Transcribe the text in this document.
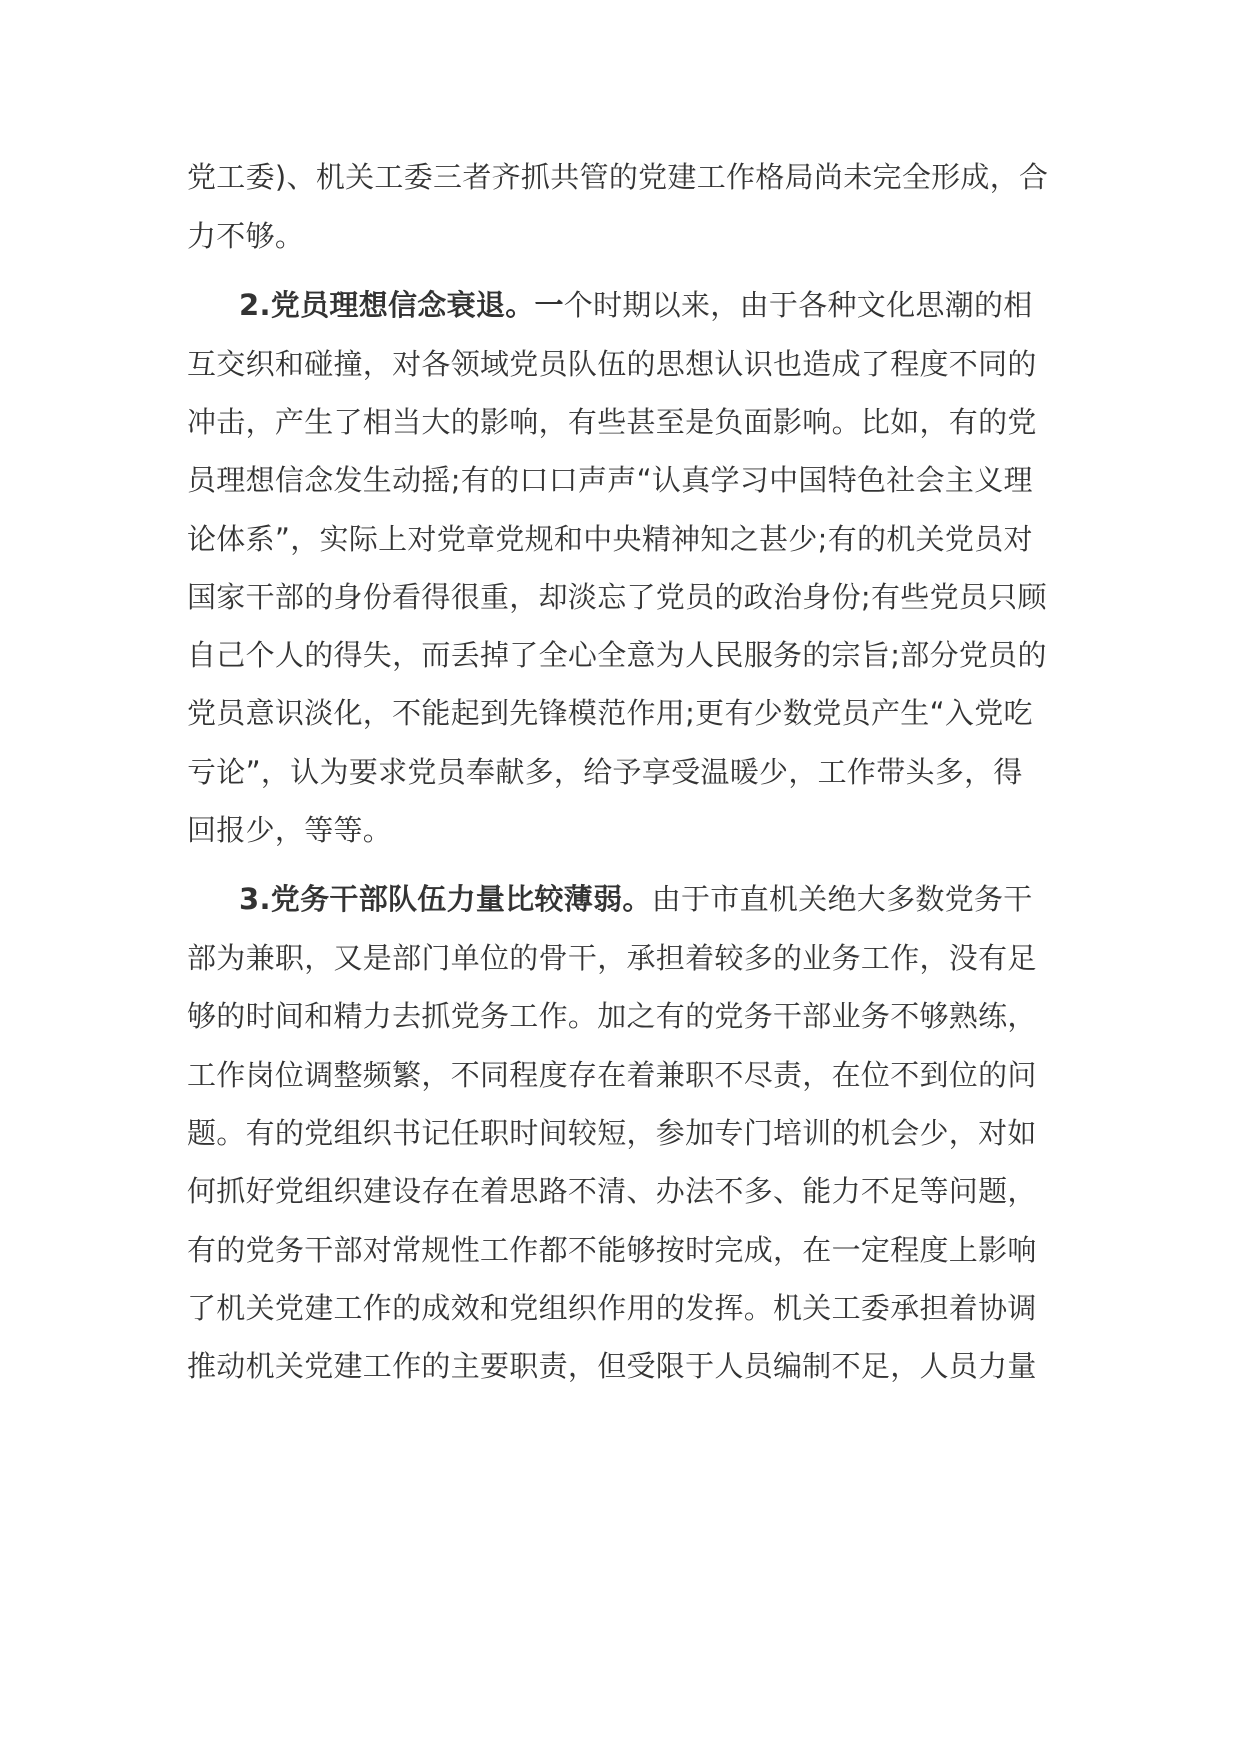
党工委)、机关工委三者齐抓共管的党建工作格局尚未完全形成，合
力不够。
2.党员理想信念衰退。一个时期以来，由于各种文化思潮的相
互交织和碰撞，对各领域党员队伍的思想认识也造成了程度不同的
冲击，产生了相当大的影响，有些甚至是负面影响。比如，有的党
员理想信念发生动摇;有的口口声声“认真学习中国特色社会主义理
论体系”，实际上对党章党规和中央精神知之甚少;有的机关党员对
国家干部的身份看得很重，却淡忘了党员的政治身份;有些党员只顾
自己个人的得失，而丢掉了全心全意为人民服务的宗旨;部分党员的
党员意识淡化，不能起到先锋模范作用;更有少数党员产生“入党吃
亏论”，认为要求党员奉献多，给予享受温暖少，工作带头多，得
回报少，等等。
3.党务干部队伍力量比较薄弱。由于市直机关绝大多数党务干
部为兼职，又是部门单位的骨干，承担着较多的业务工作，没有足
够的时间和精力去抓党务工作。加之有的党务干部业务不够熟练，
工作岗位调整频繁，不同程度存在着兼职不尽责，在位不到位的问
题。有的党组织书记任职时间较短，参加专门培训的机会少，对如
何抓好党组织建设存在着思路不清、办法不多、能力不足等问题，
有的党务干部对常规性工作都不能够按时完成，在一定程度上影响
了机关党建工作的成效和党组织作用的发挥。机关工委承担着协调
推动机关党建工作的主要职责，但受限于人员编制不足，人员力量
